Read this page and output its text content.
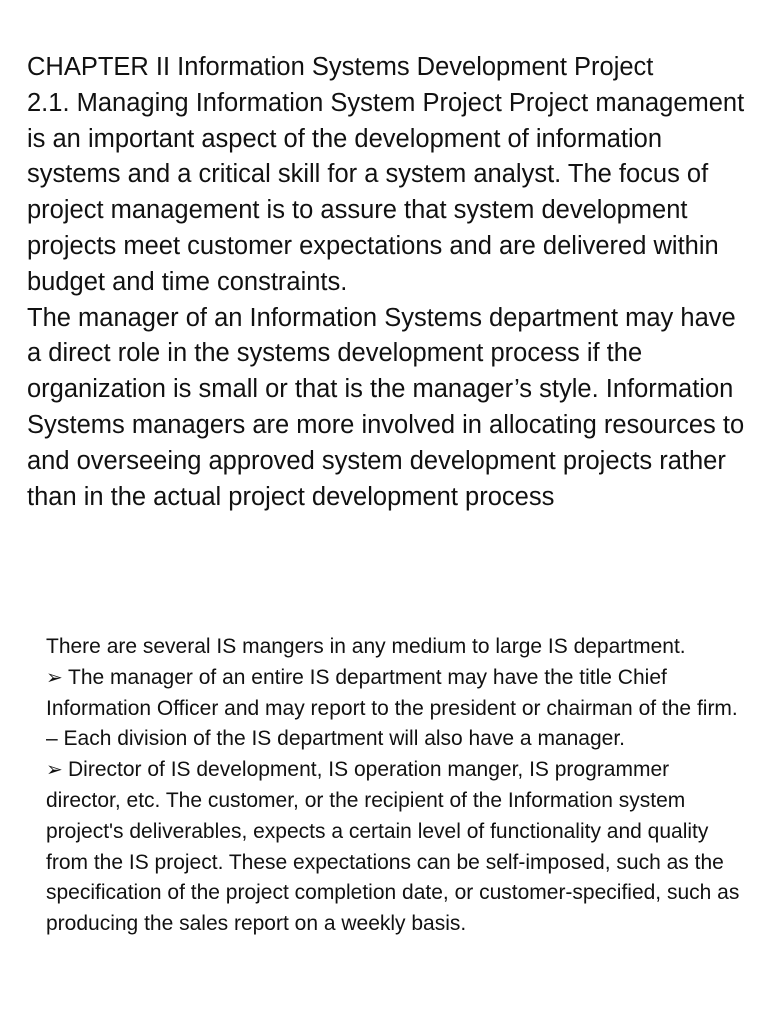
CHAPTER II Information Systems Development Project

2.1. Managing Information System Project Project management is an important aspect of the development of information systems and a critical skill for a system analyst. The focus of project management is to assure that system development projects meet customer expectations and are delivered within budget and time constraints.

The manager of an Information Systems department may have a direct role in the systems development process if the organization is small or that is the manager’s style. Information Systems managers are more involved in allocating resources to and overseeing approved system development projects rather than in the actual project development process

There are several IS mangers in any medium to large IS department.

➢ The manager of an entire IS department may have the title Chief Information Officer and may report to the president or chairman of the firm. – Each division of the IS department will also have a manager.

➢ Director of IS development, IS operation manger, IS programmer director, etc. The customer, or the recipient of the Information system project's deliverables, expects a certain level of functionality and quality from the IS project. These expectations can be self-imposed, such as the specification of the project completion date, or customer-specified, such as producing the sales report on a weekly basis.
